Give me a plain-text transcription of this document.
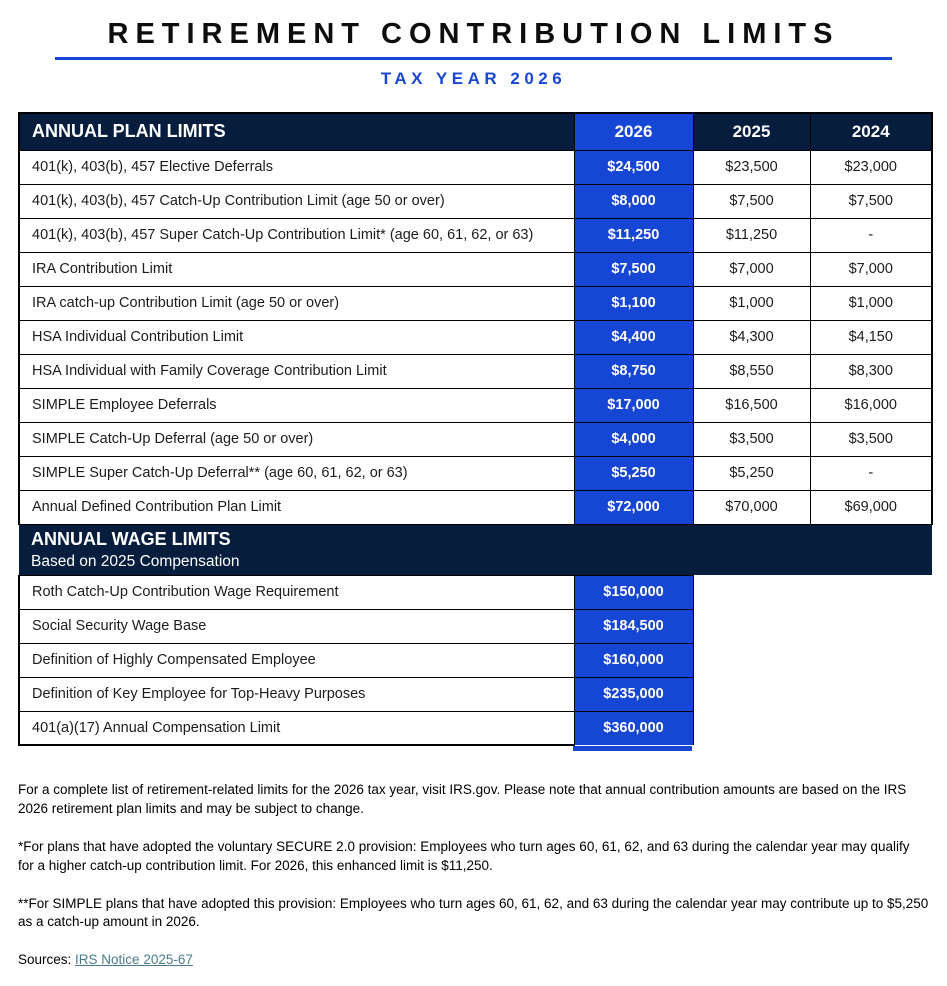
RETIREMENT CONTRIBUTION LIMITS
TAX YEAR 2026
ANNUAL PLAN LIMITS	2026	2025	2024
401(k), 403(b), 457 Elective Deferrals	$24,500	$23,500	$23,000
401(k), 403(b), 457 Catch-Up Contribution Limit (age 50 or over)	$8,000	$7,500	$7,500
401(k), 403(b), 457 Super Catch-Up Contribution Limit* (age 60, 61, 62, or 63)	$11,250	$11,250	-
IRA Contribution Limit	$7,500	$7,000	$7,000
IRA catch-up Contribution Limit (age 50 or over)	$1,100	$1,000	$1,000
HSA Individual Contribution Limit	$4,400	$4,300	$4,150
HSA Individual with Family Coverage Contribution Limit	$8,750	$8,550	$8,300
SIMPLE Employee Deferrals	$17,000	$16,500	$16,000
SIMPLE Catch-Up Deferral (age 50 or over)	$4,000	$3,500	$3,500
SIMPLE Super Catch-Up Deferral** (age 60, 61, 62, or 63)	$5,250	$5,250	-
Annual Defined Contribution Plan Limit	$72,000	$70,000	$69,000

ANNUAL WAGE LIMITS
Based on 2025 Compensation			

Roth Catch-Up Contribution Wage Requirement	$150,000		
Social Security Wage Base	$184,500		
Definition of Highly Compensated Employee	$160,000		
Definition of Key Employee for Top-Heavy Purposes	$235,000		
401(a)(17) Annual Compensation Limit	$360,000		

For a complete list of retirement-related limits for the 2026 tax year, visit IRS.gov. Please note that annual contribution amounts are based on the IRS 2026 retirement plan limits and may be subject to change.

*For plans that have adopted the voluntary SECURE 2.0 provision: Employees who turn ages 60, 61, 62, and 63 during the calendar year may qualify for a higher catch-up contribution limit. For 2026, this enhanced limit is $11,250.

**For SIMPLE plans that have adopted this provision: Employees who turn ages 60, 61, 62, and 63 during the calendar year may contribute up to $5,250 as a catch-up amount in 2026.

Sources: IRS Notice 2025-67
